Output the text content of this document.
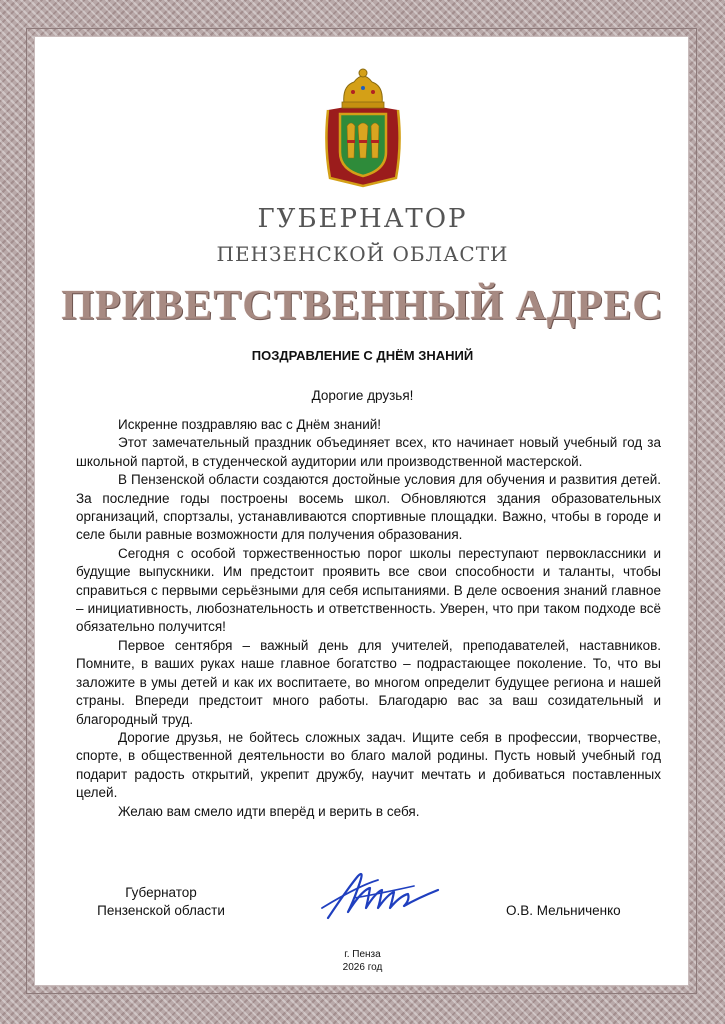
ГУБЕРНАТОР
ПЕНЗЕНСКОЙ ОБЛАСТИ
ПРИВЕТСТВЕННЫЙ АДРЕС
ПОЗДРАВЛЕНИЕ С ДНЁМ ЗНАНИЙ
Дорогие друзья!

Искренне поздравляю вас с Днём знаний!

Этот замечательный праздник объединяет всех, кто начинает новый учебный год за школьной партой, в студенческой аудитории или производственной мастерской.

В Пензенской области создаются достойные условия для обучения и развития детей. За последние годы построены восемь школ. Обновляются здания образовательных организаций, спортзалы, устанавливаются спортивные площадки. Важно, чтобы в городе и селе были равные возможности для получения образования.

Сегодня с особой торжественностью порог школы переступают первоклассники и будущие выпускники. Им предстоит проявить все свои способности и таланты, чтобы справиться с первыми серьёзными для себя испытаниями. В деле освоения знаний главное – инициативность, любознательность и ответственность. Уверен, что при таком подходе всё обязательно получится!

Первое сентября – важный день для учителей, преподавателей, наставников. Помните, в ваших руках наше главное богатство – подрастающее поколение. То, что вы заложите в умы детей и как их воспитаете, во многом определит будущее региона и нашей страны. Впереди предстоит много работы. Благодарю вас за ваш созидательный и благородный труд.

Дорогие друзья, не бойтесь сложных задач. Ищите себя в профессии, творчестве, спорте, в общественной деятельности во благо малой родины. Пусть новый учебный год подарит радость открытий, укрепит дружбу, научит мечтать и добиваться поставленных целей.

Желаю вам смело идти вперёд и верить в себя.

Губернатор
Пензенской области	О.В. Мельниченко
г. Пенза
2026 год
